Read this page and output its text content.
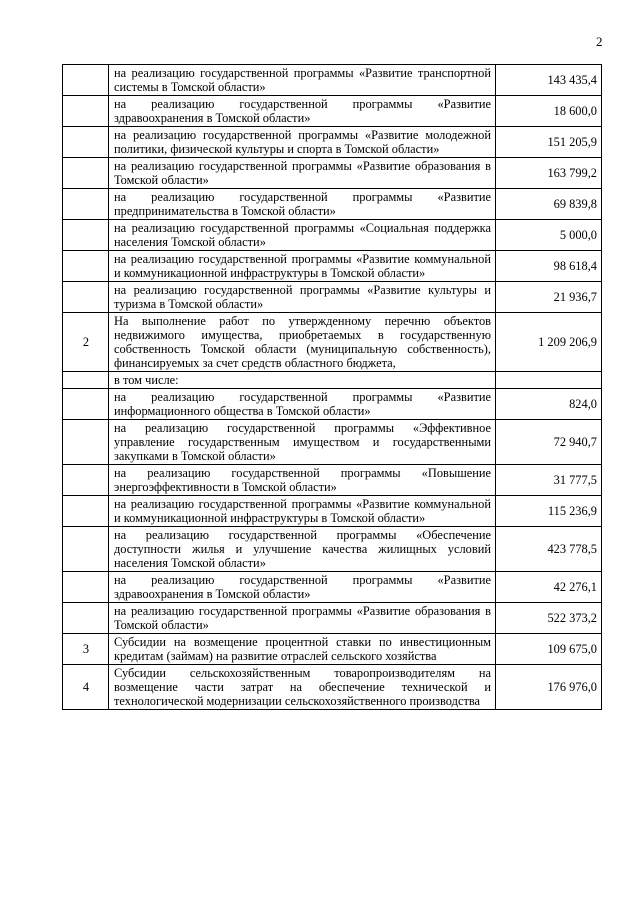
2
	на реализацию государственной программы «Развитие транспортной системы в Томской области»	143 435,4
	на реализацию государственной программы «Развитие здравоохранения в Томской области»	18 600,0
	на реализацию государственной программы «Развитие молодежной политики, физической культуры и спорта в Томской области»	151 205,9
	на реализацию государственной программы «Развитие образования в Томской области»	163 799,2
	на реализацию государственной программы «Развитие предпринимательства в Томской области»	69 839,8
	на реализацию государственной программы «Социальная поддержка населения Томской области»	5 000,0
	на реализацию государственной программы «Развитие коммунальной и коммуникационной инфраструктуры в Томской области»	98 618,4
	на реализацию государственной программы «Развитие культуры и туризма в Томской области»	21 936,7
2	На выполнение работ по утвержденному перечню объектов недвижимого имущества, приобретаемых в государственную собственность Томской области (муниципальную собственность), финансируемых за счет средств областного бюджета,	1 209 206,9
	в том числе:	
	на реализацию государственной программы «Развитие информационного общества в Томской области»	824,0
	на реализацию государственной программы «Эффективное управление государственным имуществом и государственными закупками в Томской области»	72 940,7
	на реализацию государственной программы «Повышение энергоэффективности в Томской области»	31 777,5
	на реализацию государственной программы «Развитие коммунальной и коммуникационной инфраструктуры в Томской области»	115 236,9
	на реализацию государственной программы «Обеспечение доступности жилья и улучшение качества жилищных условий населения Томской области»	423 778,5
	на реализацию государственной программы «Развитие здравоохранения в Томской области»	42 276,1
	на реализацию государственной программы «Развитие образования в Томской области»	522 373,2
3	Субсидии на возмещение процентной ставки по инвестиционным кредитам (займам) на развитие отраслей сельского хозяйства	109 675,0
4	Субсидии сельскохозяйственным товаропроизводителям на возмещение части затрат на обеспечение технической и технологической модернизации сельскохозяйственного производства	176 976,0
